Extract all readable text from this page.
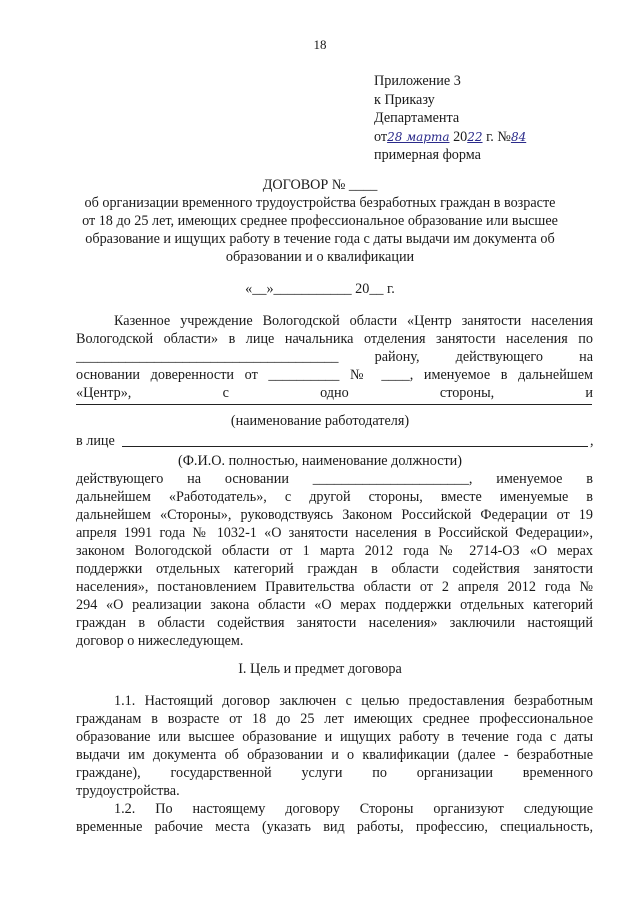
18
Приложение 3
к Приказу
Департамента
от28 марта 2022 г. №84
примерная форма
ДОГОВОР № ____
об организации временного трудоустройства безработных граждан в возрасте
от 18 до 25 лет, имеющих среднее профессиональное образование или высшее
образование и ищущих работу в течение года с даты выдачи им документа об
образовании и о квалификации
«__»___________ 20__ г.
Казенное учреждение Вологодской области «Центр занятости населения
Вологодской области» в лице начальника отделения занятости населения по
_____________________________________ району, действующего на
основании доверенности от __________ № ____, именуемое в дальнейшем
«Центр», с одно стороны, и
(наименование работодателя)
в лице	,
(Ф.И.О. полностью, наименование должности)
действующего на основании ______________________, именуемое в
дальнейшем «Работодатель», с другой стороны, вместе именуемые в
дальнейшем «Стороны», руководствуясь Законом Российской Федерации от 19
апреля 1991 года № 1032-1 «О занятости населения в Российской Федерации»,
законом Вологодской области от 1 марта 2012 года № 2714-ОЗ «О мерах
поддержки отдельных категорий граждан в области содействия занятости
населения», постановлением Правительства области от 2 апреля 2012 года №
294 «О реализации закона области «О мерах поддержки отдельных категорий
граждан в области содействия занятости населения» заключили настоящий
договор о нижеследующем.
I. Цель и предмет договора
1.1. Настоящий договор заключен с целью предоставления безработным
гражданам в возрасте от 18 до 25 лет имеющих среднее профессиональное
образование или высшее образование и ищущих работу в течение года с даты
выдачи им документа об образовании и о квалификации (далее - безработные
граждане), государственной услуги по организации временного
трудоустройства.
1.2. По настоящему договору Стороны организуют следующие
временные рабочие места (указать вид работы, профессию, специальность,
